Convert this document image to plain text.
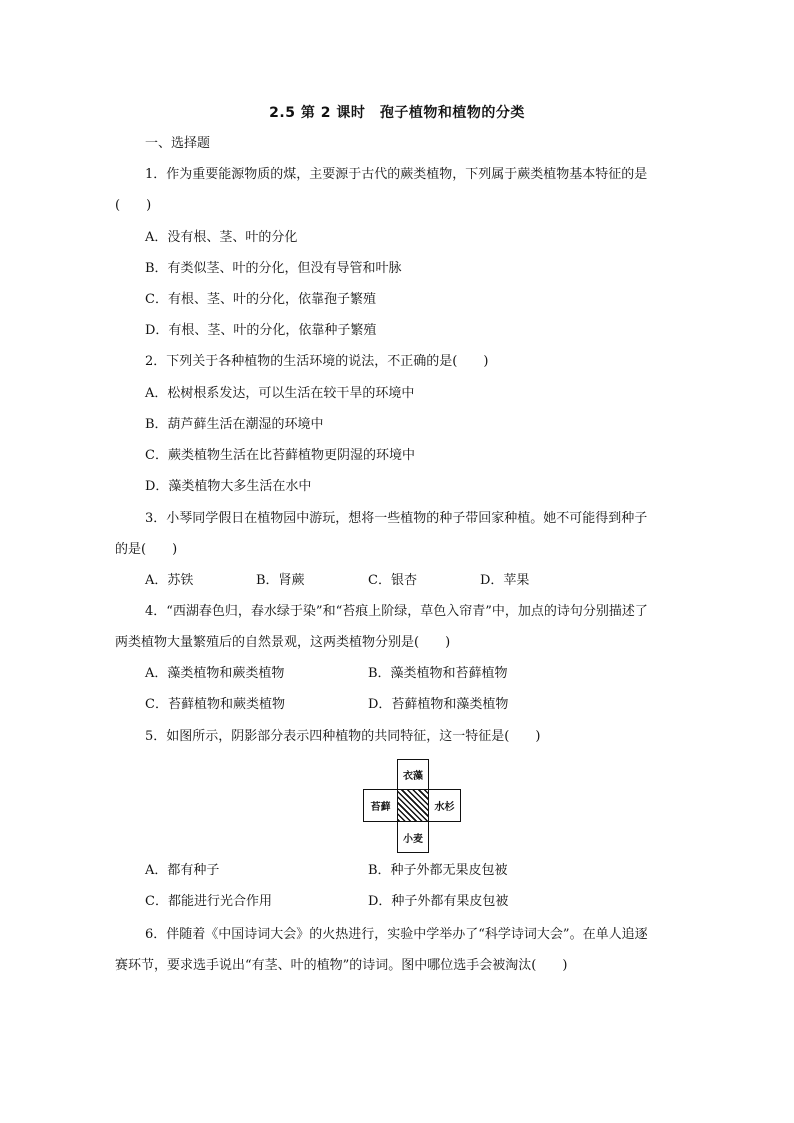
2.5 第 2 课时　孢子植物和植物的分类
一、选择题
1．作为重要能源物质的煤，主要源于古代的蕨类植物，下列属于蕨类植物基本特征的是
(　　)
A．没有根、茎、叶的分化
B．有类似茎、叶的分化，但没有导管和叶脉
C．有根、茎、叶的分化，依靠孢子繁殖
D．有根、茎、叶的分化，依靠种子繁殖
2．下列关于各种植物的生活环境的说法，不正确的是(　　)
A．松树根系发达，可以生活在较干旱的环境中
B．葫芦藓生活在潮湿的环境中
C．蕨类植物生活在比苔藓植物更阴湿的环境中
D．藻类植物大多生活在水中
3．小琴同学假日在植物园中游玩，想将一些植物的种子带回家种植。她不可能得到种子
的是(　　)
A．苏铁	B．肾蕨	C．银杏	D．苹果
4．“西湖春色归，春水绿于染”和“苔痕上阶绿，草色入帘青”中，加点的诗句分别描述了
两类植物大量繁殖后的自然景观，这两类植物分别是(　　)
A．藻类植物和蕨类植物	B．藻类植物和苔藓植物
C．苔藓植物和蕨类植物	D．苔藓植物和藻类植物
5．如图所示，阴影部分表示四种植物的共同特征，这一特征是(　　)
衣藻
苔藓	水杉
小麦
A．都有种子	B．种子外都无果皮包被
C．都能进行光合作用	D．种子外都有果皮包被
6．伴随着《中国诗词大会》的火热进行，实验中学举办了“科学诗词大会”。在单人追逐
赛环节，要求选手说出“有茎、叶的植物”的诗词。图中哪位选手会被淘汰(　　)
